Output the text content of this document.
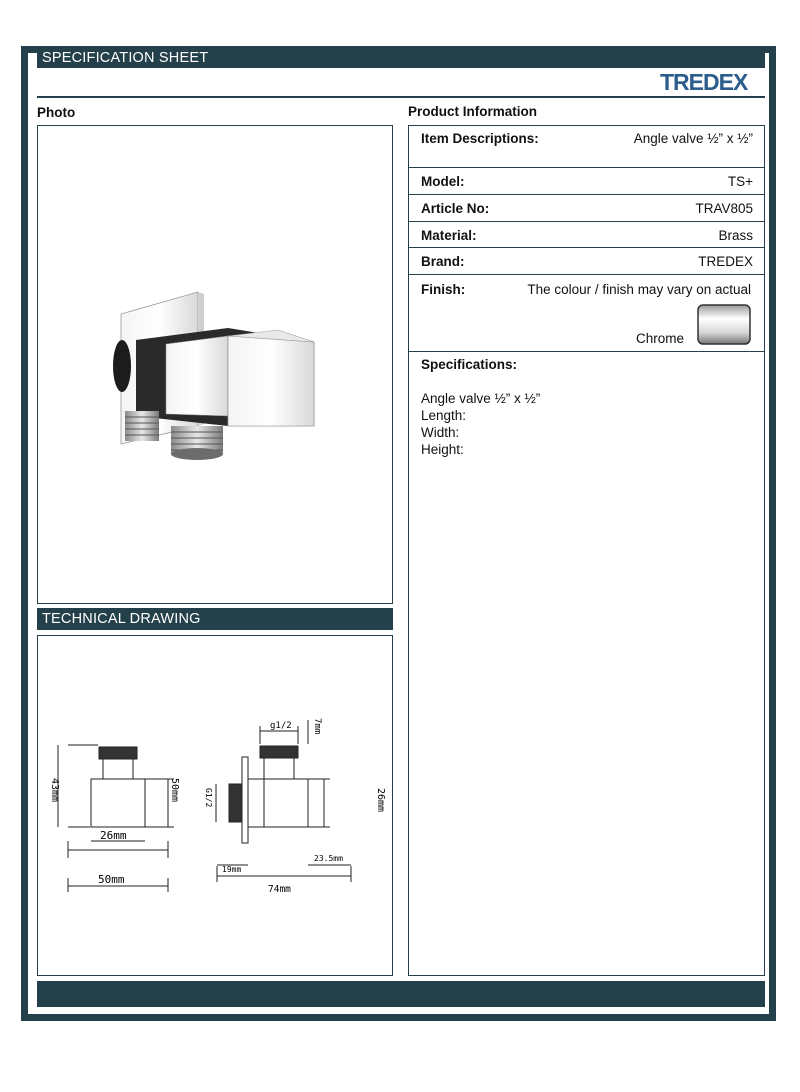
SPECIFICATION SHEET
TREDEX
Photo
TECHNICAL DRAWING
43mm	50mm
26mm
50mm
g1/2 7mm
G1/2	26mm
19mm
23.5mm
74mm
Product Information
Item Descriptions:	Angle valve ½” x ½”
Model:	TS+
Article No:	TRAV805
Material:	Brass
Brand:	TREDEX
Finish:	The colour / finish may vary on actual
Chrome
Specifications:
Angle valve ½” x ½”
Length:
Width:
Height:
